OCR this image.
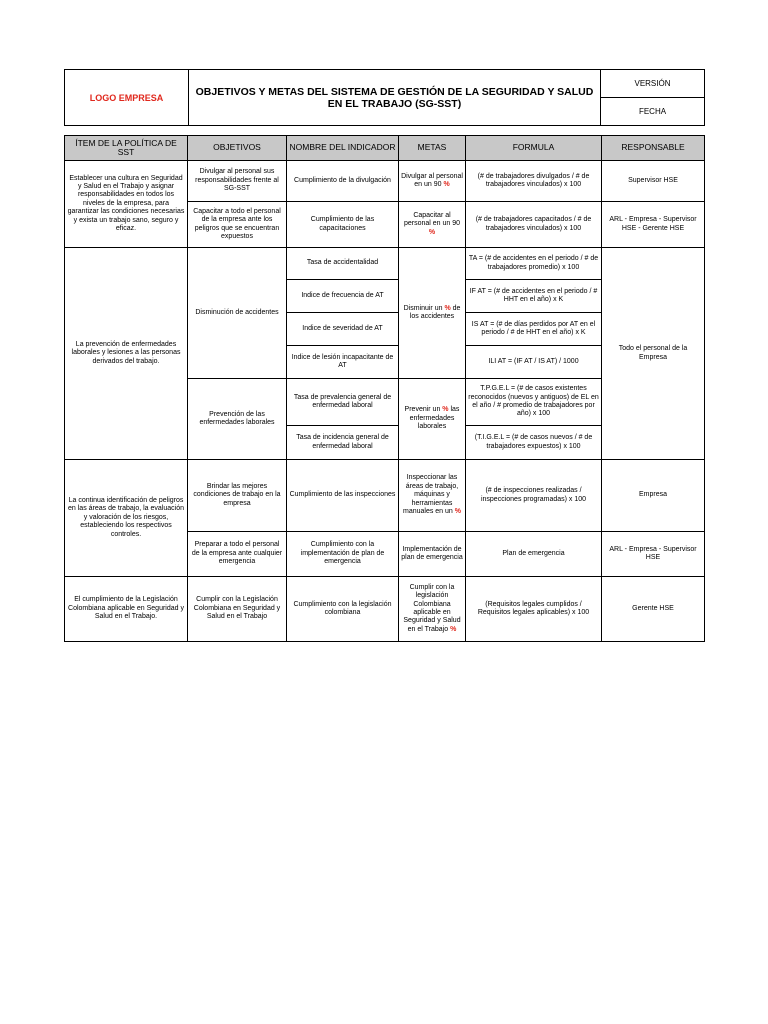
LOGO EMPRESA	OBJETIVOS Y METAS DEL SISTEMA DE GESTIÓN DE LA SEGURIDAD Y SALUD EN EL TRABAJO (SG-SST)	VERSIÓN
FECHA
ÍTEM DE LA POLÍTICA DE SST	OBJETIVOS	NOMBRE DEL INDICADOR	METAS	FORMULA	RESPONSABLE
Establecer una cultura en Seguridad y Salud en el Trabajo y asignar responsabilidades en todos los niveles de la empresa, para garantizar las condiciones necesarias y exista un trabajo sano, seguro y eficaz.	Divulgar al personal sus responsabilidades frente al SG-SST	Cumplimiento de la divulgación	Divulgar al personal en un 90 %	(# de trabajadores divulgados / # de trabajadores vinculados) x 100	Supervisor HSE
	Capacitar a todo el personal de la empresa ante los peligros que se encuentran expuestos	Cumplimiento de las capacitaciones	Capacitar al personal en un 90 %	(# de trabajadores capacitados / # de trabajadores vinculados) x 100	ARL - Empresa - Supervisor HSE - Gerente HSE
La prevención de enfermedades laborales y lesiones a las personas derivados del trabajo.	Disminución de accidentes	Tasa de accidentalidad	Disminuir un % de los accidentes	TA = (# de accidentes en el periodo / # de trabajadores promedio) x 100	Todo el personal de la Empresa
		Indice de frecuencia de AT		IF AT = (# de accidentes en el periodo / # HHT en el año) x K	
		Indice de severidad de AT		IS AT = (# de días perdidos por AT en el periodo / # de HHT en el año) x K	
		Indice de lesión incapacitante de AT		ILI AT = (IF AT / IS AT) / 1000	
	Prevención de las enfermedades laborales	Tasa de prevalencia general de enfermedad laboral	Prevenir un % las enfermedades laborales	T.P.G.E.L = (# de casos existentes reconocidos (nuevos y antiguos) de EL en el año / # promedio de trabajadores por año) x 100	
		Tasa de incidencia general de enfermedad laboral		(T.I.G.E.L = (# de casos nuevos / # de trabajadores expuestos) x 100	
La continua identificación de peligros en las áreas de trabajo, la evaluación y valoración de los riesgos, estableciendo los respectivos controles.	Brindar las mejores condiciones de trabajo en la empresa	Cumplimiento de las inspecciones	Inspeccionar las áreas de trabajo, máquinas y herramientas manuales en un %	(# de inspecciones realizadas / inspecciones programadas) x 100	Empresa
	Preparar a todo el personal de la empresa ante cualquier emergencia	Cumplimiento con la implementación de plan de emergencia	Implementación de plan de emergencia	Plan de emergencia	ARL - Empresa - Supervisor HSE
El cumplimiento de la Legislación Colombiana aplicable en Seguridad y Salud en el Trabajo.	Cumplir con la Legislación Colombiana en Seguridad y Salud en el Trabajo	Cumplimiento con la legislación colombiana	Cumplir con la legislación Colombiana aplicable en Seguridad y Salud en el Trabajo %	(Requisitos legales cumplidos / Requisitos legales aplicables) x 100	Gerente HSE
